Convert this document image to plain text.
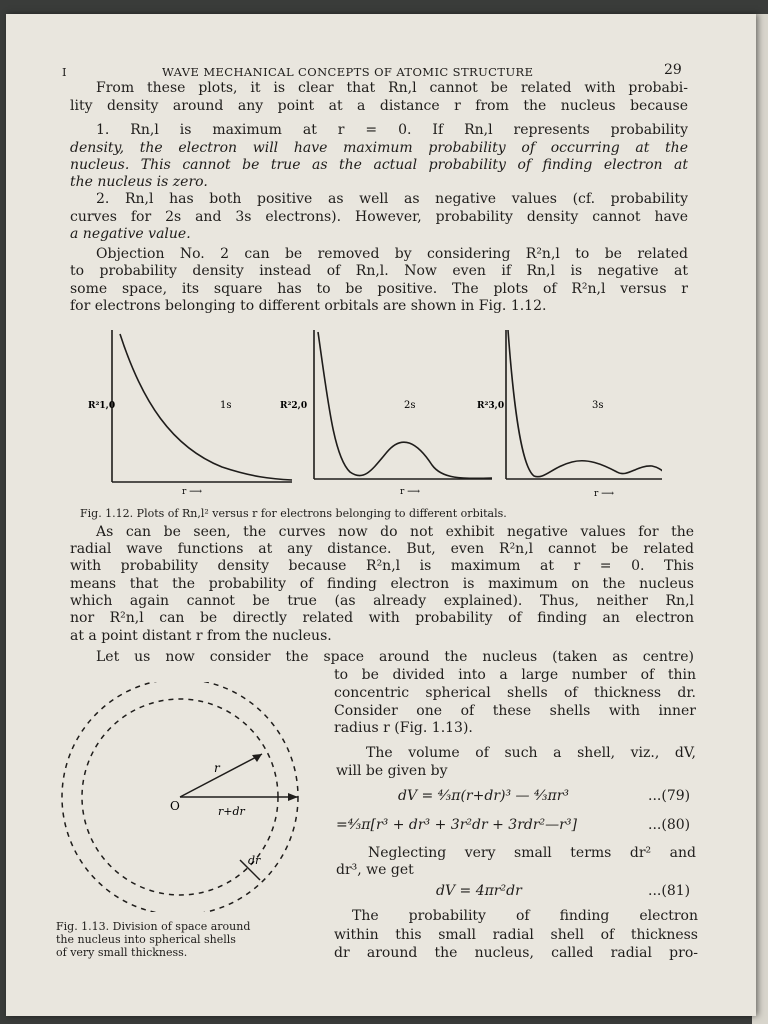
I	WAVE MECHANICAL CONCEPTS OF ATOMIC STRUCTURE	29
From these plots, it is clear that Rn,l cannot be related with probabi-
lity density around any point at a distance r from the nucleus because
1. Rn,l is maximum at r = 0. If Rn,l represents probability
density, the electron will have maximum probability of occurring at the
nucleus. This cannot be true as the actual probability of finding electron at
the nucleus is zero.
2. Rn,l has both positive as well as negative values (cf. probability
curves for 2s and 3s electrons). However, probability density cannot have
a negative value.
Objection No. 2 can be removed by considering R²n,l to be related
to probability density instead of Rn,l. Now even if Rn,l is negative at
some space, its square has to be positive. The plots of R²n,l versus r
for electrons belonging to different orbitals are shown in Fig. 1.12.
R²1,0	1s
r ⟶
R²2,0	2s
r ⟶
R²3,0	3s
r ⟶
Fig. 1.12. Plots of Rn,l² versus r for electrons belonging to different orbitals.
As can be seen, the curves now do not exhibit negative values for the
radial wave functions at any distance. But, even R²n,l cannot be related
with probability density because R²n,l is maximum at r = 0. This
means that the probability of finding electron is maximum on the nucleus
which again cannot be true (as already explained). Thus, neither Rn,l
nor R²n,l can be directly related with probability of finding an electron
at a point distant r from the nucleus.
Let us now consider the space around the nucleus (taken as centre)
to be divided into a large number of thin
concentric spherical shells of thickness dr.
Consider one of these shells with inner
radius r (Fig. 1.13).
The volume of such a shell, viz., dV,
will be given by
dV = ⁴⁄₃π(r+dr)³ — ⁴⁄₃πr³	...(79)
=⁴⁄₃π[r³ + dr³ + 3r²dr + 3rdr²—r³]	...(80)
Neglecting very small terms dr² and
dr³, we get
dV = 4πr²dr	...(81)
The probability of finding electron
within this small radial shell of thickness
dr around the nucleus, called radial pro-
r
O	r+dr
dr
Fig. 1.13. Division of space around
the nucleus into spherical shells
of very small thickness.
